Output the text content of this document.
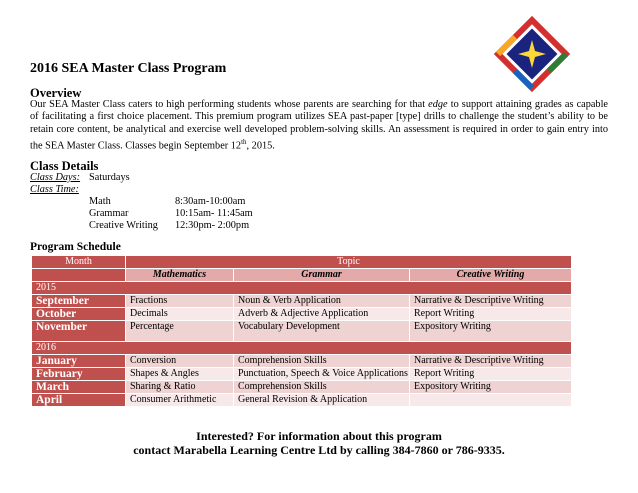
2016 SEA Master Class Program
Overview
Our SEA Master Class caters to high performing students whose parents are searching for that edge to support attaining grades as capable of facilitating a first choice placement. This premium program utilizes SEA past-paper [type] drills to challenge the student’s ability to be retain core content, be analytical and exercise well developed problem-solving skills. An assessment is required in order to gain entry into the SEA Master Class. Classes begin September 12th, 2015.
Class Details
Class Days: Saturdays
Class Time:
Math	8:30am-10:00am
Grammar	10:15am- 11:45am
Creative Writing 12:30pm- 2:00pm
Program Schedule
Month	Topic		
	Mathematics	Grammar	Creative Writing
2015			
September	Fractions	Noun & Verb Application	Narrative & Descriptive Writing
October	Decimals	Adverb & Adjective Application	Report Writing
November	Percentage	Vocabulary Development	Expository Writing
2016			
January	Conversion	Comprehension Skills	Narrative & Descriptive Writing
February	Shapes & Angles	Punctuation, Speech & Voice Applications	Report Writing
March	Sharing & Ratio	Comprehension Skills	Expository Writing
April	Consumer Arithmetic	General Revision & Application	
Interested? For information about this program
contact Marabella Learning Centre Ltd by calling 384-7860 or 786-9335.
